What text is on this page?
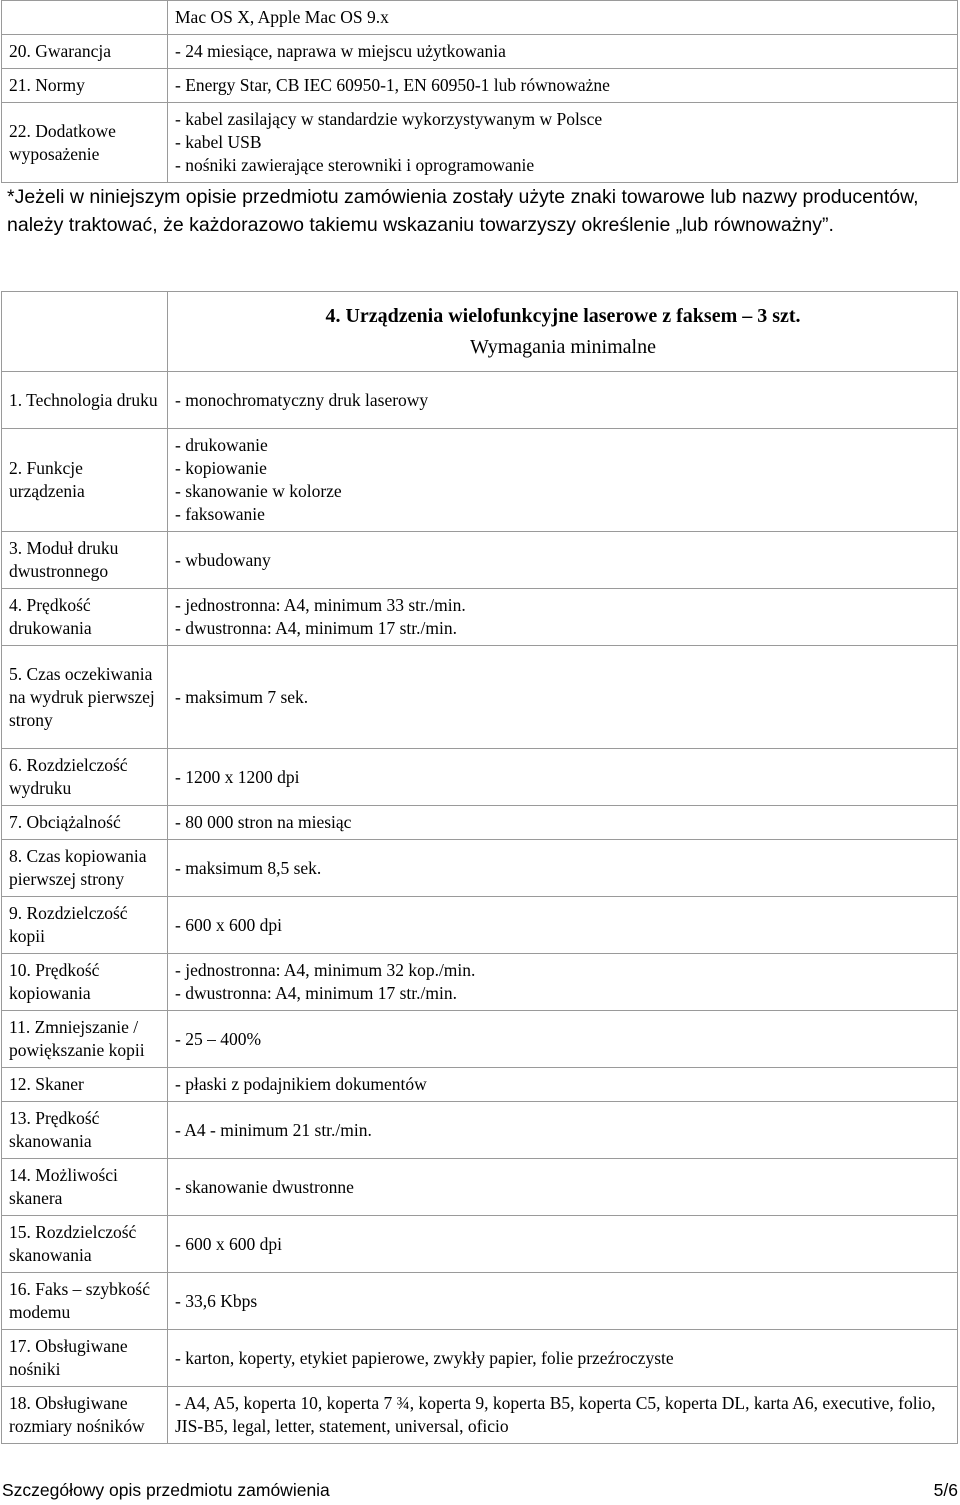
	Mac OS X, Apple Mac OS 9.x

20. Gwarancja	- 24 miesiące, naprawa w miejscu użytkowania

21. Normy	- Energy Star, CB IEC 60950-1, EN 60950-1 lub równoważne

22. Dodatkowe wyposażenie	- kabel zasilający w standardzie wykorzystywanym w Polsce

- kabel USB

- nośniki zawierające sterowniki i oprogramowanie

*Jeżeli w niniejszym opisie przedmiotu zamówienia zostały użyte znaki towarowe lub nazwy producentów, należy traktować, że każdorazowo takiemu wskazaniu towarzyszy określenie „lub równoważny”.

	4. Urządzenia wielofunkcyjne laserowe z faksem – 3 szt.
Wymagania minimalne

1. Technologia druku	- monochromatyczny druk laserowy

2. Funkcje urządzenia	- drukowanie

- kopiowanie

- skanowanie w kolorze

- faksowanie

3. Moduł druku dwustronnego	- wbudowany

4. Prędkość drukowania	- jednostronna: A4, minimum 33 str./min.

- dwustronna: A4, minimum 17 str./min.

5. Czas oczekiwania na wydruk pierwszej strony	- maksimum 7 sek.

6. Rozdzielczość wydruku	- 1200 x 1200 dpi

7. Obciążalność	- 80 000 stron na miesiąc

8. Czas kopiowania pierwszej strony	- maksimum 8,5 sek.

9. Rozdzielczość kopii	- 600 x 600 dpi

10. Prędkość kopiowania	- jednostronna: A4, minimum 32 kop./min.

- dwustronna: A4, minimum 17 str./min.

11. Zmniejszanie / powiększanie kopii	- 25 – 400%

12. Skaner	- płaski z podajnikiem dokumentów

13. Prędkość skanowania	- A4 - minimum 21 str./min.

14. Możliwości skanera	- skanowanie dwustronne

15. Rozdzielczość skanowania	- 600 x 600 dpi

16. Faks – szybkość modemu	- 33,6 Kbps

17. Obsługiwane nośniki	- karton, koperty, etykiet papierowe, zwykły papier, folie przeźroczyste

18. Obsługiwane rozmiary nośników	- A4, A5, koperta 10, koperta 7 ¾, koperta 9, koperta B5, koperta C5, koperta DL, karta A6, executive, folio, JIS-B5, legal, letter, statement, universal, oficio

Szczegółowy opis przedmiotu zamówienia	5/6
